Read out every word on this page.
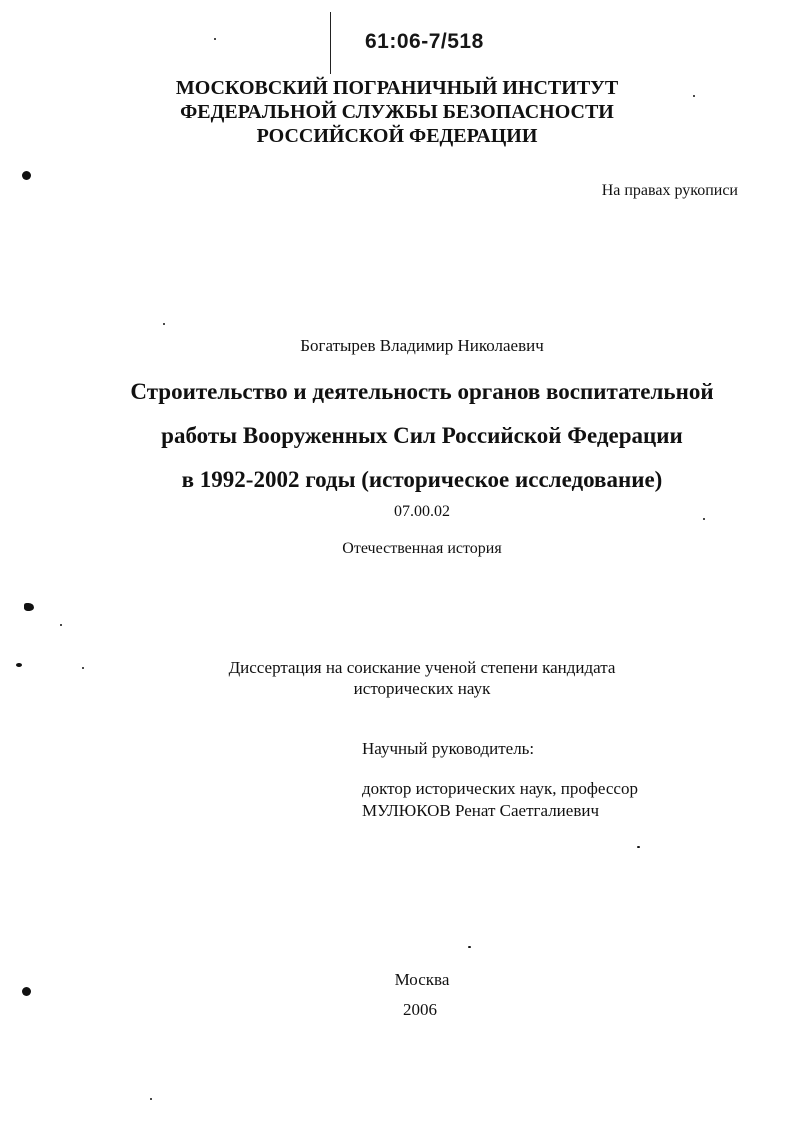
61:06-7/518
МОСКОВСКИЙ ПОГРАНИЧНЫЙ ИНСТИТУТ
ФЕДЕРАЛЬНОЙ СЛУЖБЫ БЕЗОПАСНОСТИ
РОССИЙСКОЙ ФЕДЕРАЦИИ
На правах рукописи
Богатырев Владимир Николаевич
Строительство и деятельность органов воспитательной
работы Вооруженных Сил Российской Федерации
в 1992-2002 годы (историческое исследование)
07.00.02
Отечественная история
Диссертация на соискание ученой степени кандидата
исторических наук
Научный руководитель:
доктор исторических наук, профессор
МУЛЮКОВ Ренат Саетгалиевич
Москва
2006
